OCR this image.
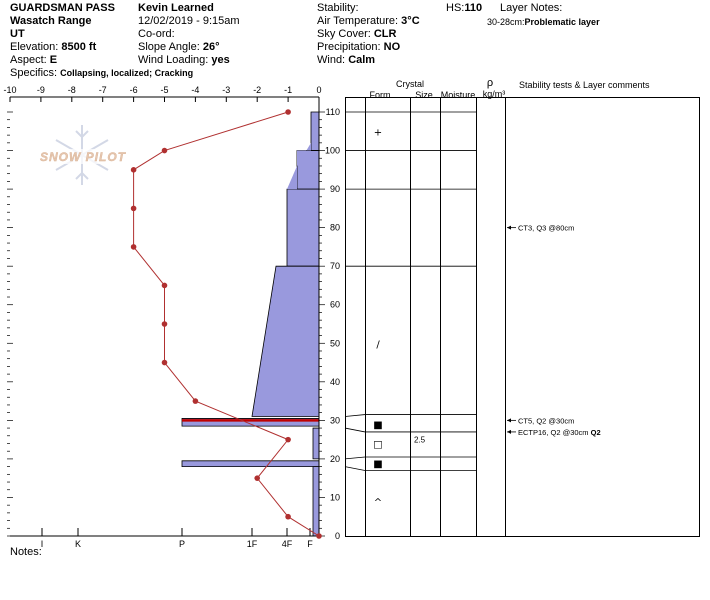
GUARDSMAN PASS
Wasatch Range
UT
Elevation: 8500 ft
Aspect: E
Specifics: Collapsing, localized; Cracking
Kevin Learned
12/02/2019 - 9:15am
Co-ord:
Slope Angle: 26°
Wind Loading: yes
Stability:
Air Temperature: 3°C
Sky Cover: CLR
Precipitation: NO
Wind: Calm
HS:110 Layer Notes:
30-28cm:Problematic layer
Notes:
SNOW PILOT
-10 -9	-8	-7	-6	-5	-4	-3	-2	-1	0
I	K	P	1F	4F F
0
10
20
30
40
50
60
70
80
90
100
110
Crystal
Form	Size Moisture
ρ
kg/m³
Stability tests & Layer comments
+
/
■
□
■
^
2.5
CT3, Q3 @80cm
CT5, Q2 @30cm
ECTP16, Q2 @30cm Q2
